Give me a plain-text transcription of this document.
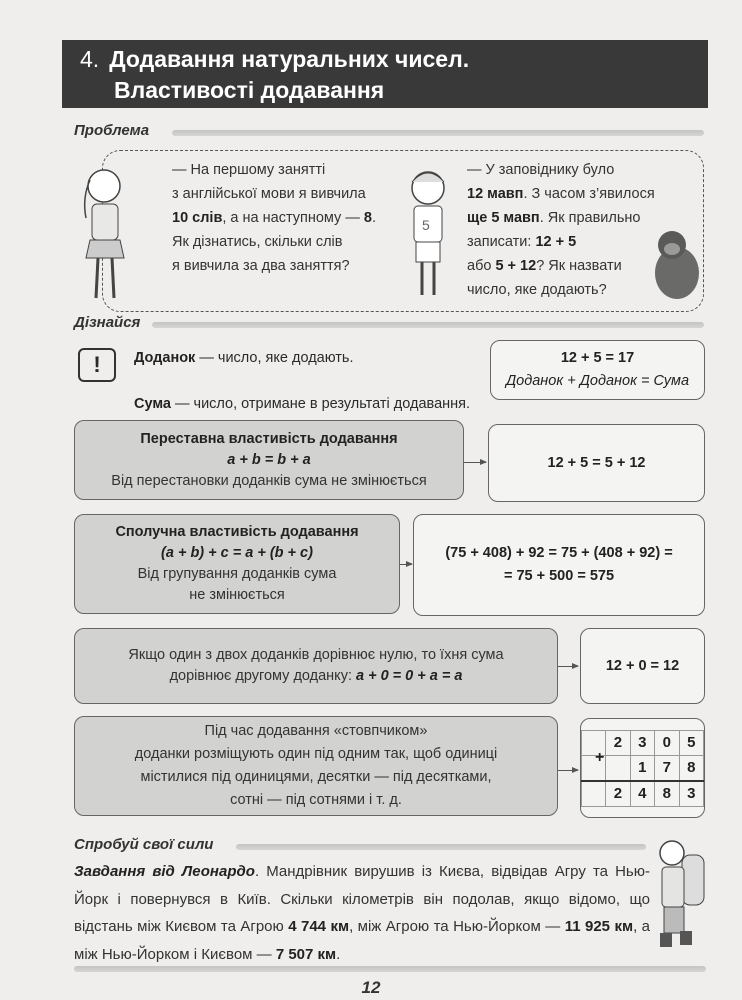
4. Додавання натуральних чисел.
Властивості додавання
Проблема
— На першому занятті
з англійської мови я вивчила
10 слів, а на наступному — 8.
Як дізнатись, скільки слів
я вивчила за два заняття?
5
— У заповіднику було
12 мавп. З часом з’явилося
ще 5 мавп. Як правильно
записати: 12 + 5
або 5 + 12? Як назвати
число, яке додають?
Дізнайся
!	Доданок — число, яке додають.
Сума — число, отримане в результаті додавання.
12 + 5 = 17
Доданок + Доданок = Сума
Переставна властивість додавання
a + b = b + a
Від перестановки доданків сума не змінюється
12 + 5 = 5 + 12
Сполучна властивість додавання
(a + b) + c = a + (b + c)
Від групування доданків сума
не змінюється
(75 + 408) + 92 = 75 + (408 + 92) =
= 75 + 500 = 575
Якщо один з двох доданків дорівнює нулю, то їхня сума
дорівнює другому доданку: a + 0 = 0 + a = a
12 + 0 = 12
Під час додавання «стовпчиком»
доданки розміщують один під одним так, щоб одиниці
містилися під одиницями, десятки — під десятками,
сотні — під сотнями і т. д.
+
	2	3	0	5
		1	7	8
	2	4	8	3
Спробуй свої сили
Завдання від Леонардо. Мандрівник вирушив із Києва, відвідав Агру та Нью-Йорк і повернувся в Київ. Скільки кілометрів він подолав, якщо відомо, що відстань між Києвом та Агрою 4 744 км, між Агрою та Нью-Йорком — 11 925 км, а між Нью-Йорком і Києвом — 7 507 км.
12
